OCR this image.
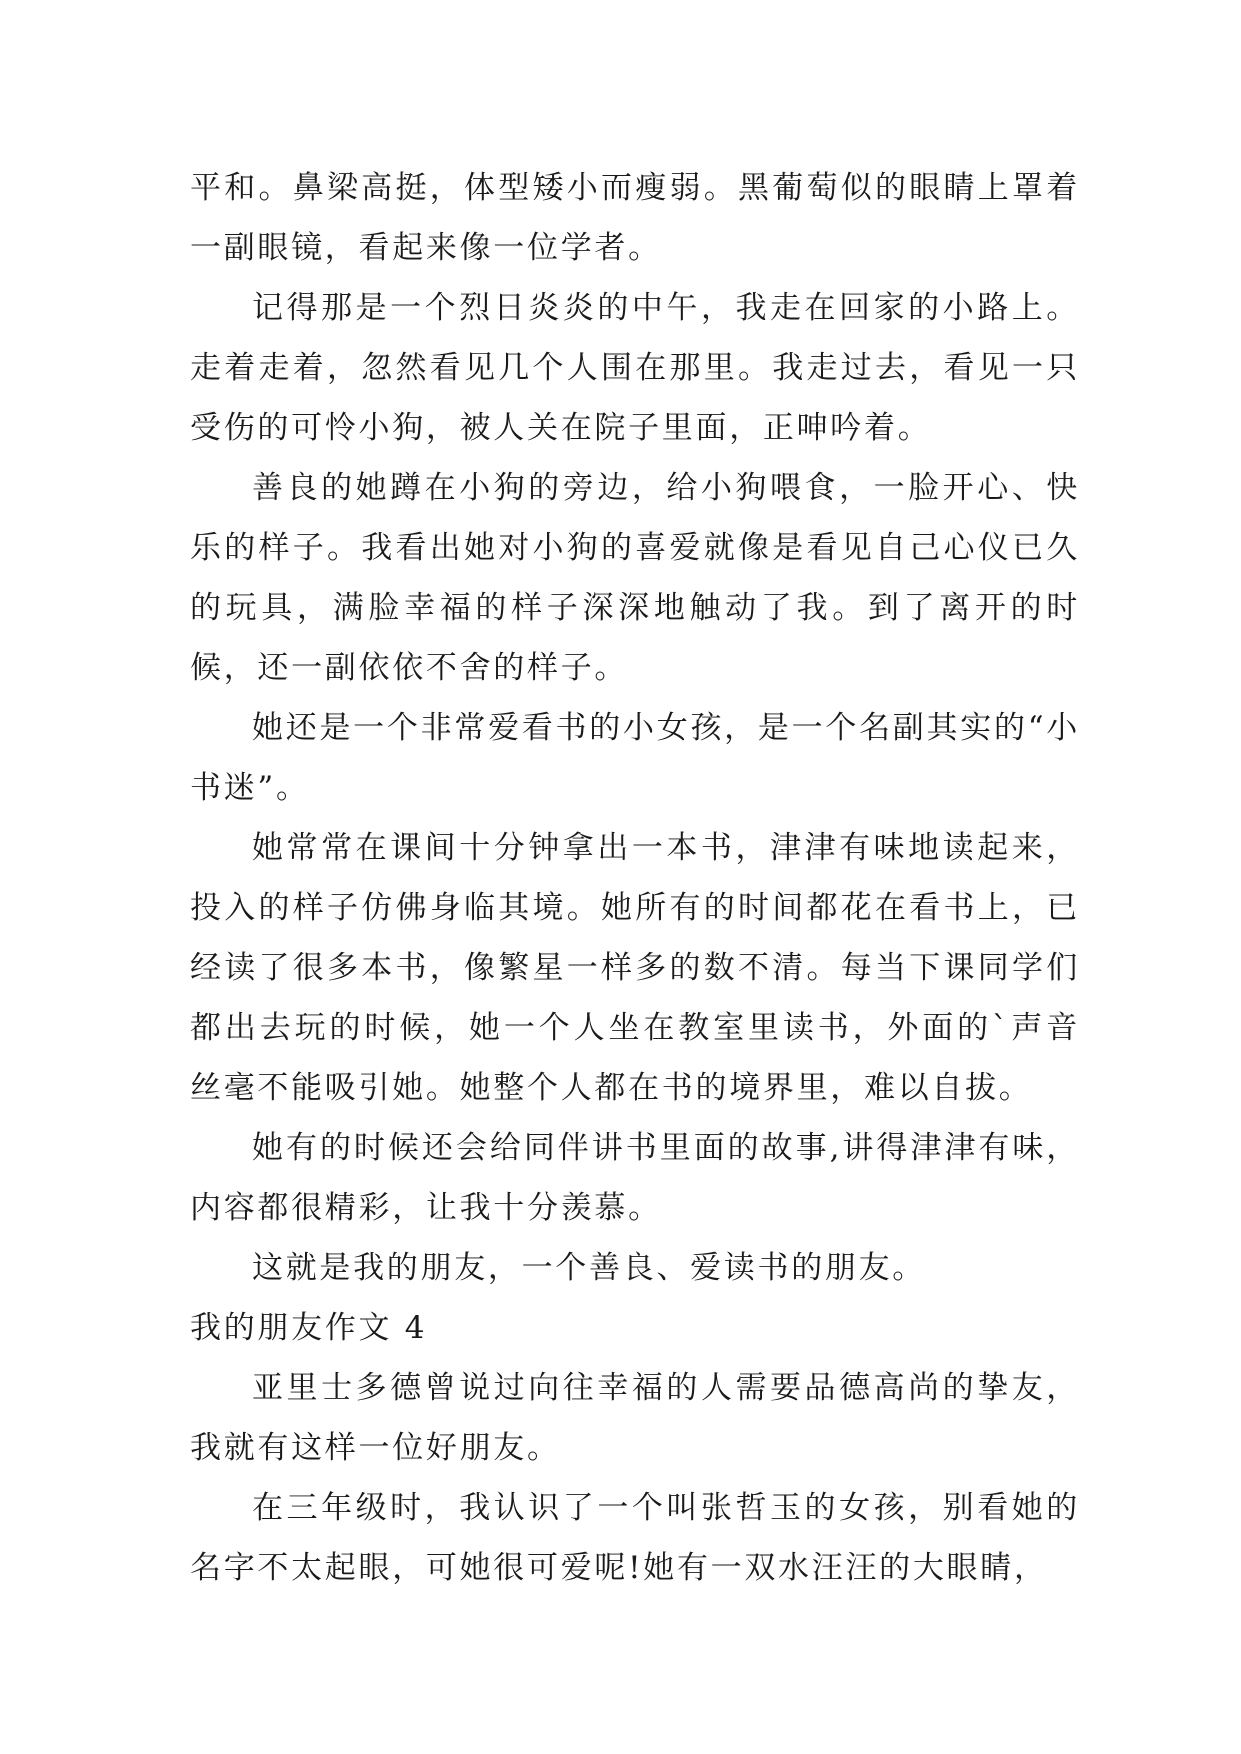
平和。鼻梁高挺，体型矮小而瘦弱。黑葡萄似的眼睛上罩着一副眼镜，看起来像一位学者。

记得那是一个烈日炎炎的中午，我走在回家的小路上。走着走着，忽然看见几个人围在那里。我走过去，看见一只受伤的可怜小狗，被人关在院子里面，正呻吟着。

善良的她蹲在小狗的旁边，给小狗喂食，一脸开心、快乐的样子。我看出她对小狗的喜爱就像是看见自己心仪已久的玩具，满脸幸福的样子深深地触动了我。到了离开的时候，还一副依依不舍的样子。

她还是一个非常爱看书的小女孩，是一个名副其实的“小书迷”。

她常常在课间十分钟拿出一本书，津津有味地读起来，投入的样子仿佛身临其境。她所有的时间都花在看书上，已经读了很多本书，像繁星一样多的数不清。每当下课同学们都出去玩的时候，她一个人坐在教室里读书，外面的`声音丝毫不能吸引她。她整个人都在书的境界里，难以自拔。

她有的时候还会给同伴讲书里面的故事,讲得津津有味，内容都很精彩，让我十分羡慕。

这就是我的朋友，一个善良、爱读书的朋友。

我的朋友作文 4

亚里士多德曾说过向往幸福的人需要品德高尚的挚友，我就有这样一位好朋友。

在三年级时，我认识了一个叫张哲玉的女孩，别看她的名字不太起眼，可她很可爱呢!她有一双水汪汪的大眼睛，
